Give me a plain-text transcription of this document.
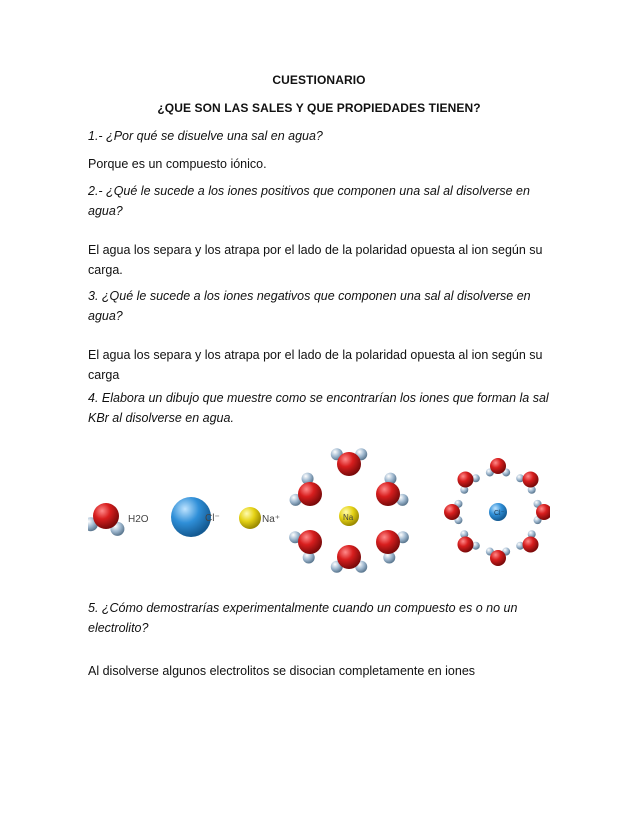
CUESTIONARIO
¿QUE SON LAS SALES Y QUE PROPIEDADES TIENEN?
1.- ¿Por qué se disuelve una sal en agua?
Porque es un compuesto iónico.
2.- ¿Qué le sucede a los iones positivos que componen una sal al disolverse en agua?
El agua los separa y los atrapa por el lado de la polaridad opuesta al ion según su carga.
3. ¿Qué le sucede a los iones negativos que componen una sal al disolverse en agua?
El agua los separa y los atrapa por el lado de la polaridad opuesta al ion según su carga
4. Elabora un dibujo que muestre como se encontrarían los iones que forman la sal KBr al disolverse en agua.
H2O	Cl⁻	Na⁺	Na	Cl⁻
5. ¿Cómo demostrarías experimentalmente cuando un compuesto es o no un electrolito?
Al disolverse algunos electrolitos se disocian completamente en iones
